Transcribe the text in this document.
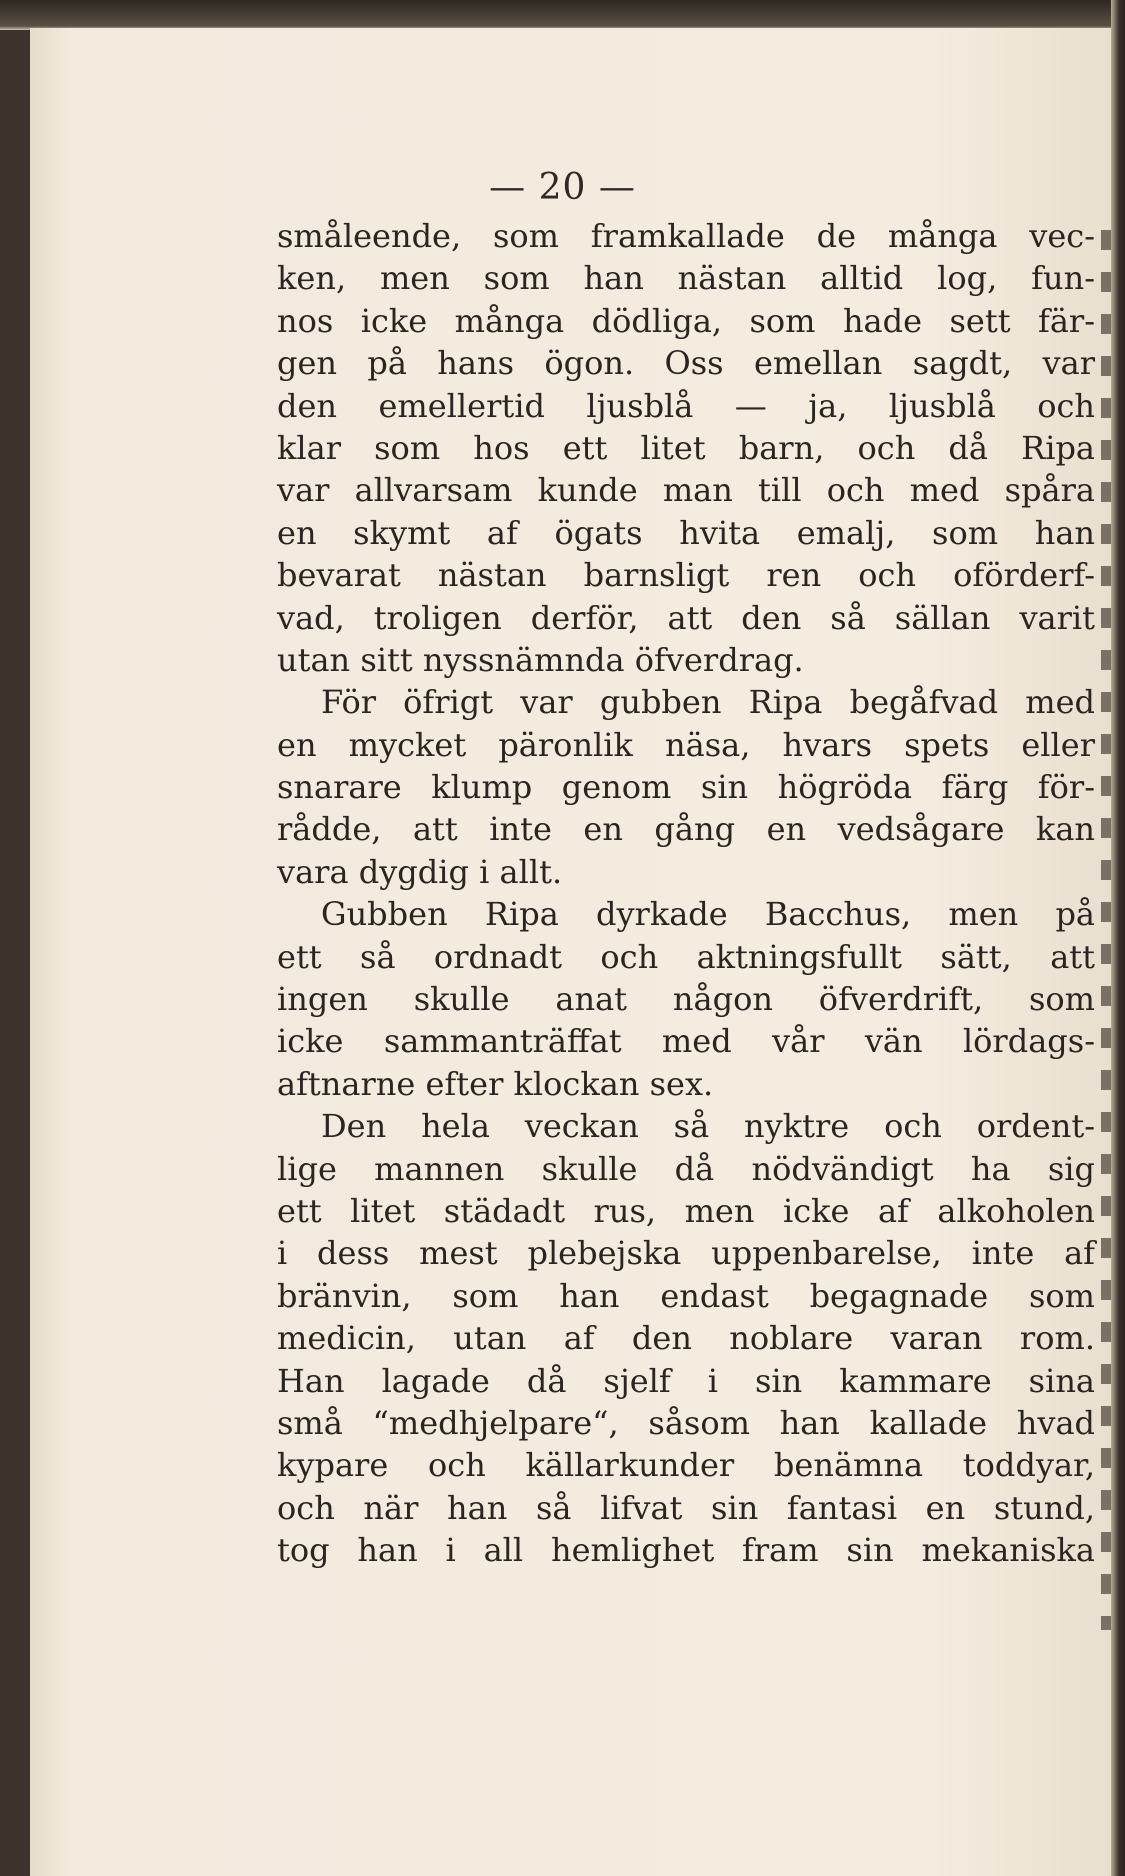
— 20 —
småleende, som framkallade de många vec-
ken, men som han nästan alltid log, fun-
nos icke många dödliga, som hade sett fär-
gen på hans ögon. Oss emellan sagdt, var
den emellertid ljusblå — ja, ljusblå och
klar som hos ett litet barn, och då Ripa
var allvarsam kunde man till och med spåra
en skymt af ögats hvita emalj, som han
bevarat nästan barnsligt ren och oförderf-
vad, troligen derför, att den så sällan varit
utan sitt nyssnämnda öfverdrag.
För öfrigt var gubben Ripa begåfvad med
en mycket päronlik näsa, hvars spets eller
snarare klump genom sin högröda färg för-
rådde, att inte en gång en vedsågare kan
vara dygdig i allt.
Gubben Ripa dyrkade Bacchus, men på
ett så ordnadt och aktningsfullt sätt, att
ingen skulle anat någon öfverdrift, som
icke sammanträffat med vår vän lördags-
aftnarne efter klockan sex.
Den hela veckan så nyktre och ordent-
lige mannen skulle då nödvändigt ha sig
ett litet städadt rus, men icke af alkoholen
i dess mest plebejska uppenbarelse, inte af
bränvin, som han endast begagnade som
medicin, utan af den noblare varan rom.
Han lagade då sjelf i sin kammare sina
små “medhjelpare“, såsom han kallade hvad
kypare och källarkunder benämna toddyar,
och när han så lifvat sin fantasi en stund,
tog han i all hemlighet fram sin mekaniska
